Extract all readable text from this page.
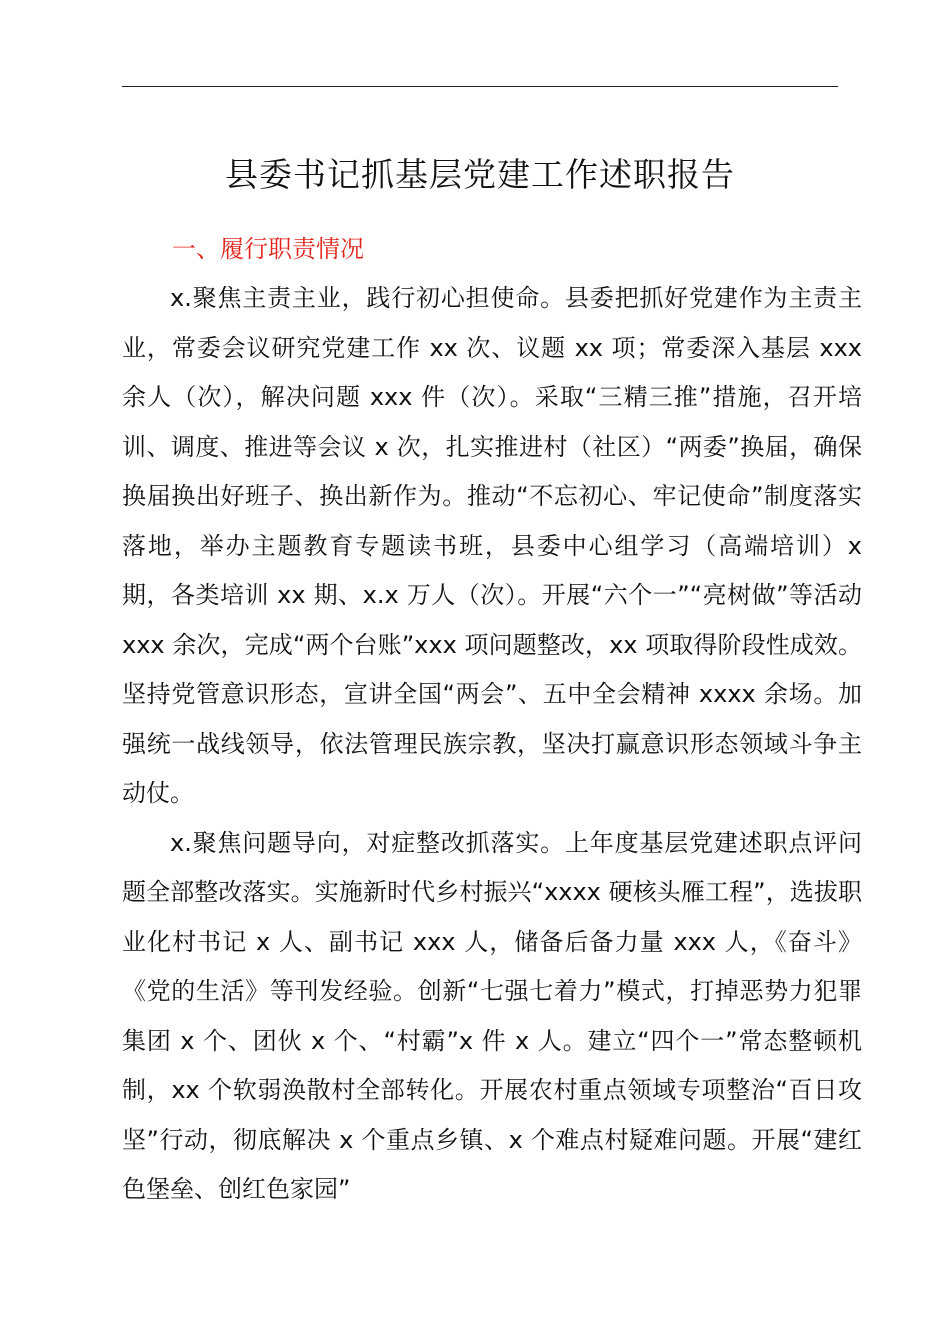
县委书记抓基层党建工作述职报告
一、履行职责情况

x.聚焦主责主业，践行初心担使命。县委把抓好党建作为主责主业，常委会议研究党建工作 xx 次、议题 xx 项；常委深入基层 xxx 余人（次），解决问题 xxx 件（次）。采取“三精三推”措施，召开培训、调度、推进等会议 x 次，扎实推进村（社区）“两委”换届，确保换届换出好班子、换出新作为。推动“不忘初心、牢记使命”制度落实落地，举办主题教育专题读书班，县委中心组学习（高端培训）x 期，各类培训 xx 期、x.x 万人（次）。开展“六个一”“亮树做”等活动 xxx 余次，完成“两个台账”xxx 项问题整改，xx 项取得阶段性成效。坚持党管意识形态，宣讲全国“两会”、五中全会精神 xxxx 余场。加强统一战线领导，依法管理民族宗教，坚决打赢意识形态领域斗争主动仗。

x.聚焦问题导向，对症整改抓落实。上年度基层党建述职点评问题全部整改落实。实施新时代乡村振兴“xxxx 硬核头雁工程”，选拔职业化村书记 x 人、副书记 xxx 人，储备后备力量 xxx 人，《奋斗》《党的生活》等刊发经验。创新“七强七着力”模式，打掉恶势力犯罪集团 x 个、团伙 x 个、“村霸”x 件 x 人。建立“四个一”常态整顿机制，xx 个软弱涣散村全部转化。开展农村重点领域专项整治“百日攻坚”行动，彻底解决 x 个重点乡镇、x 个难点村疑难问题。开展“建红色堡垒、创红色家园”
